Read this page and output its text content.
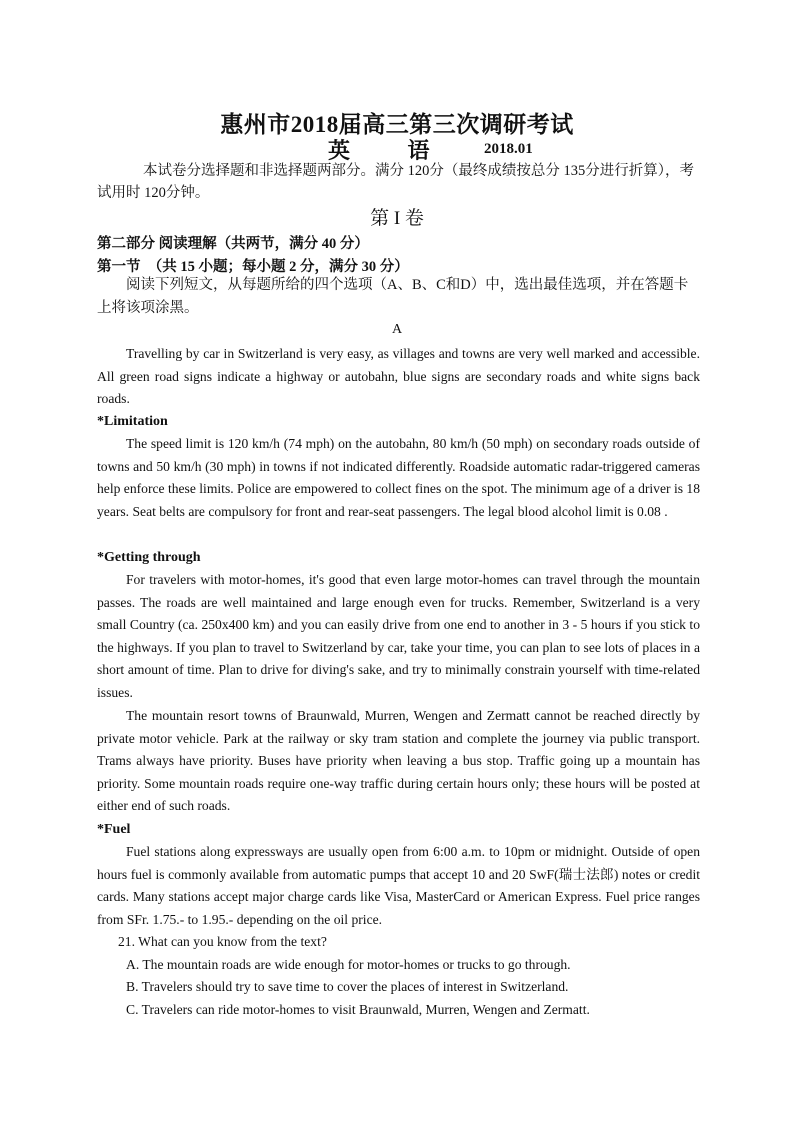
惠州市2018届高三第三次调研考试
英 语 2018.01

本试卷分选择题和非选择题两部分。满分 120分（最终成绩按总分 135分进行折算），考试用时 120分钟。

第 I 卷

第二部分 阅读理解（共两节，满分 40 分）

第一节　（共 15 小题；每小题 2 分，满分 30 分）

阅读下列短文，从每题所给的四个选项（A、B、C和D）中，选出最佳选项，并在答题卡上将该项涂黑。

A

Travelling by car in Switzerland is very easy, as villages and towns are very well marked and accessible. All green road signs indicate a highway or autobahn, blue signs are secondary roads and white signs back roads.

*Limitation

The speed limit is 120 km/h (74 mph) on the autobahn, 80 km/h (50 mph) on secondary roads outside of towns and 50 km/h (30 mph) in towns if not indicated differently. Roadside automatic radar-triggered cameras help enforce these limits. Police are empowered to collect fines on the spot. The minimum age of a driver is 18 years. Seat belts are compulsory for front and rear-seat passengers. The legal blood alcohol limit is 0.08 .

*Getting through

For travelers with motor-homes, it's good that even large motor-homes can travel through the mountain passes. The roads are well maintained and large enough even for trucks. Remember, Switzerland is a very small Country (ca. 250x400 km) and you can easily drive from one end to another in 3 - 5 hours if you stick to the highways. If you plan to travel to Switzerland by car, take your time, you can plan to see lots of places in a short amount of time. Plan to drive for diving's sake, and try to minimally constrain yourself with time-related issues.

The mountain resort towns of Braunwald, Murren, Wengen and Zermatt cannot be reached directly by private motor vehicle. Park at the railway or sky tram station and complete the journey via public transport. Trams always have priority. Buses have priority when leaving a bus stop. Traffic going up a mountain has priority. Some mountain roads require one-way traffic during certain hours only; these hours will be posted at either end of such roads.

*Fuel

Fuel stations along expressways are usually open from 6:00 a.m. to 10pm or midnight. Outside of open hours fuel is commonly available from automatic pumps that accept 10 and 20 SwF(瑞士法郎) notes or credit cards. Many stations accept major charge cards like Visa, MasterCard or American Express. Fuel price ranges from SFr. 1.75.- to 1.95.- depending on the oil price.

21. What can you know from the text?

A. The mountain roads are wide enough for motor-homes or trucks to go through.

B. Travelers should try to save time to cover the places of interest in Switzerland.

C. Travelers can ride motor-homes to visit Braunwald, Murren, Wengen and Zermatt.
